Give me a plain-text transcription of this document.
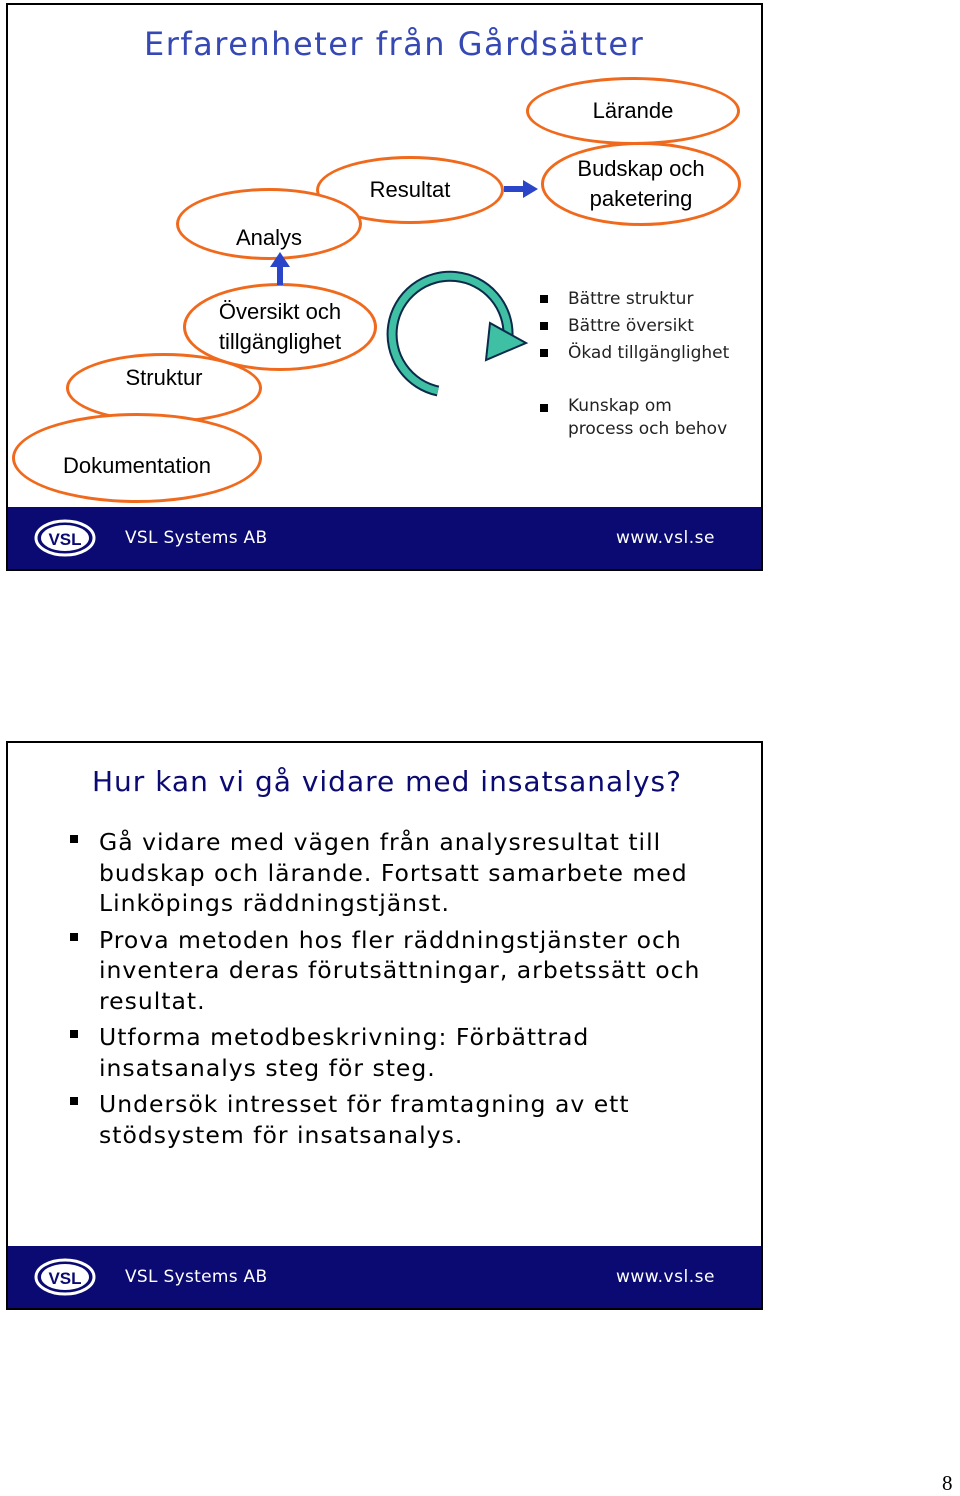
Erfarenheter från Gårdsätter
Lärande
Budskap och
paketering
Resultat
Analys
Struktur
Dokumentation
Översikt och
tillgänglighet
Bättre struktur
Bättre översikt
Ökad tillgänglighet
Kunskap om
process och behov
VSL	VSL Systems AB	www.vsl.se
Hur kan vi gå vidare med insatsanalys?
Gå vidare med vägen från analysresultat till budskap och lärande. Fortsatt samarbete med Linköpings räddningstjänst.
Prova metoden hos fler räddningstjänster och inventera deras förutsättningar, arbetssätt och resultat.
Utforma metodbeskrivning: Förbättrad insatsanalys steg för steg.
Undersök intresset för framtagning av ett stödsystem för insatsanalys.
VSL	VSL Systems AB	www.vsl.se
8
